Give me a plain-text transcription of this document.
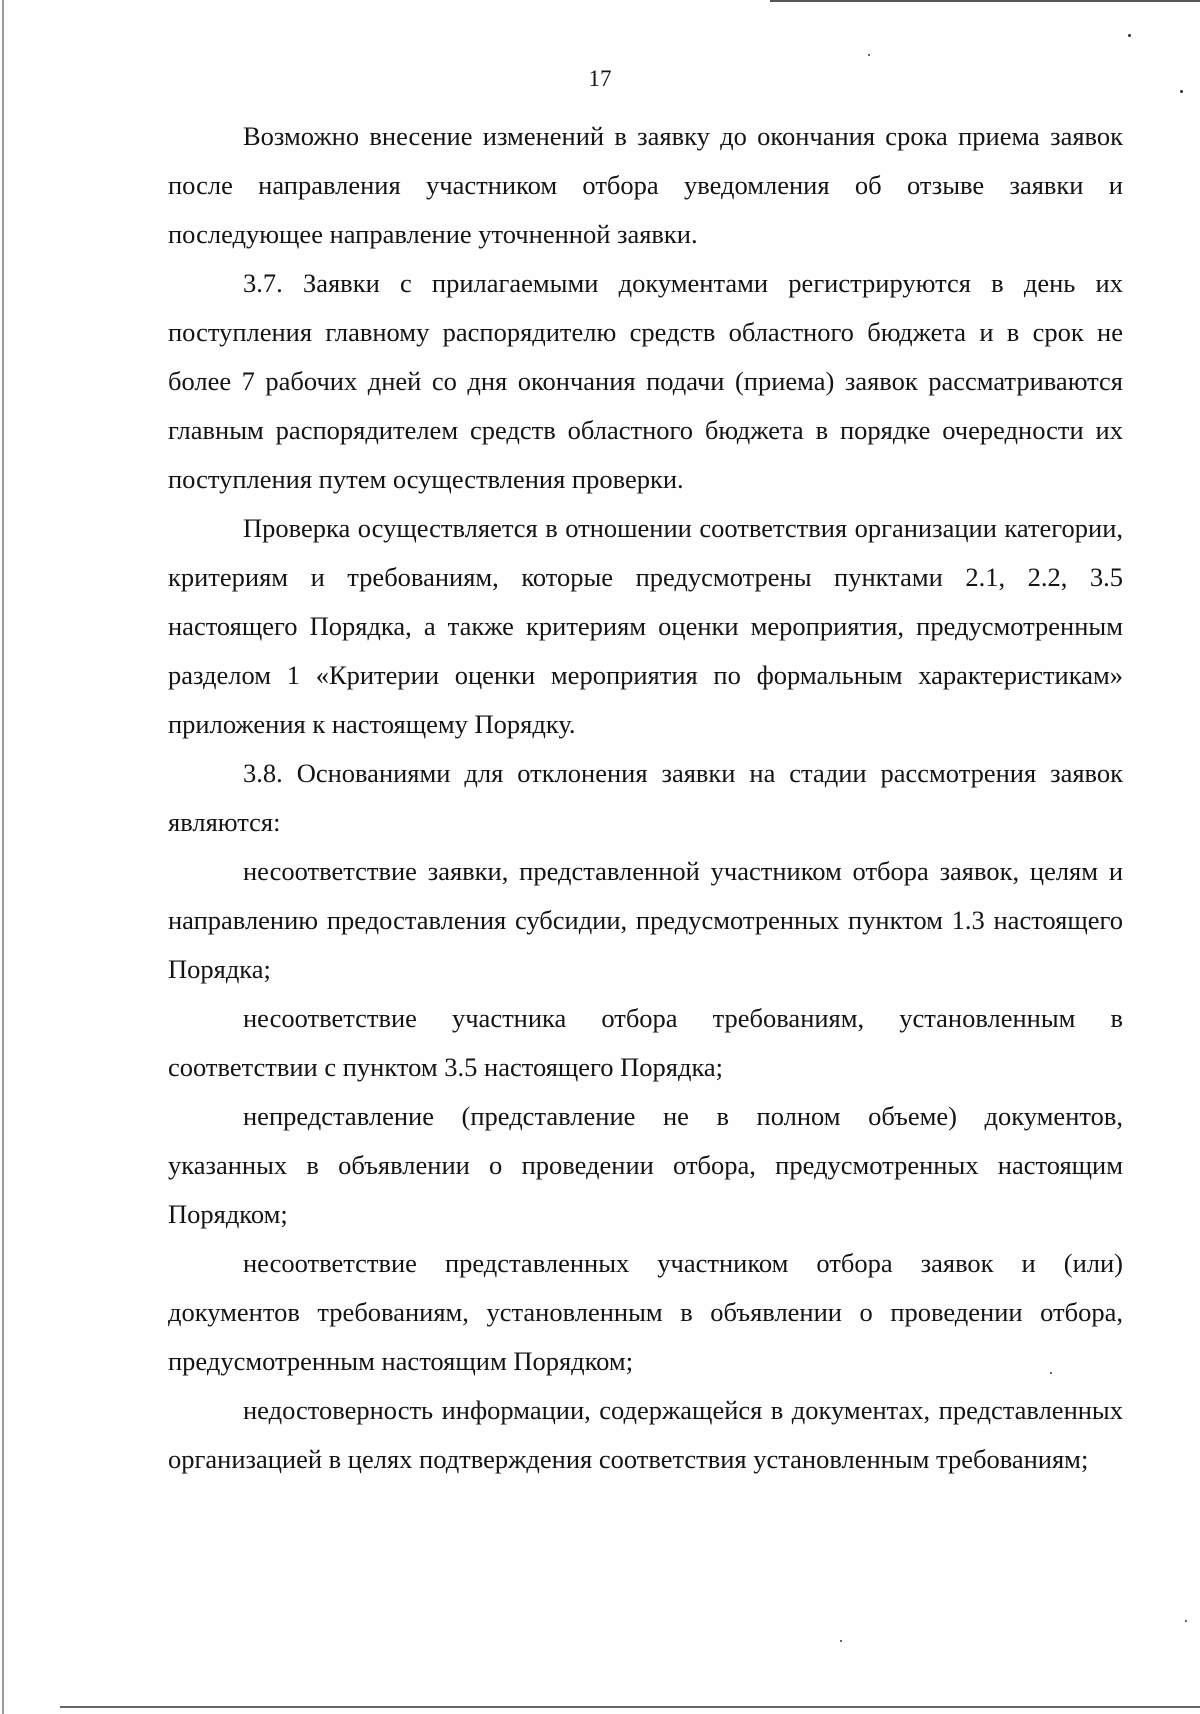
17

Возможно внесение изменений в заявку до окончания срока приема заявок после направления участником отбора уведомления об отзыве заявки и последующее направление уточненной заявки.

3.7. Заявки с прилагаемыми документами регистрируются в день их поступления главному распорядителю средств областного бюджета и в срок не более 7 рабочих дней со дня окончания подачи (приема) заявок рассматриваются главным распорядителем средств областного бюджета в порядке очередности их поступления путем осуществления проверки.

Проверка осуществляется в отношении соответствия организации категории, критериям и требованиям, которые предусмотрены пунктами 2.1, 2.2, 3.5 настоящего Порядка, а также критериям оценки мероприятия, предусмотренным разделом 1 «Критерии оценки мероприятия по формальным характеристикам» приложения к настоящему Порядку.

3.8. Основаниями для отклонения заявки на стадии рассмотрения заявок являются:

несоответствие заявки, представленной участником отбора заявок, целям и направлению предоставления субсидии, предусмотренных пунктом 1.3 настоящего Порядка;

несоответствие участника отбора требованиям, установленным в соответствии с пунктом 3.5 настоящего Порядка;

непредставление (представление не в полном объеме) документов, указанных в объявлении о проведении отбора, предусмотренных настоящим Порядком;

несоответствие представленных участником отбора заявок и (или) документов требованиям, установленным в объявлении о проведении отбора, предусмотренным настоящим Порядком;

недостоверность информации, содержащейся в документах, представленных организацией в целях подтверждения соответствия установленным требованиям;
